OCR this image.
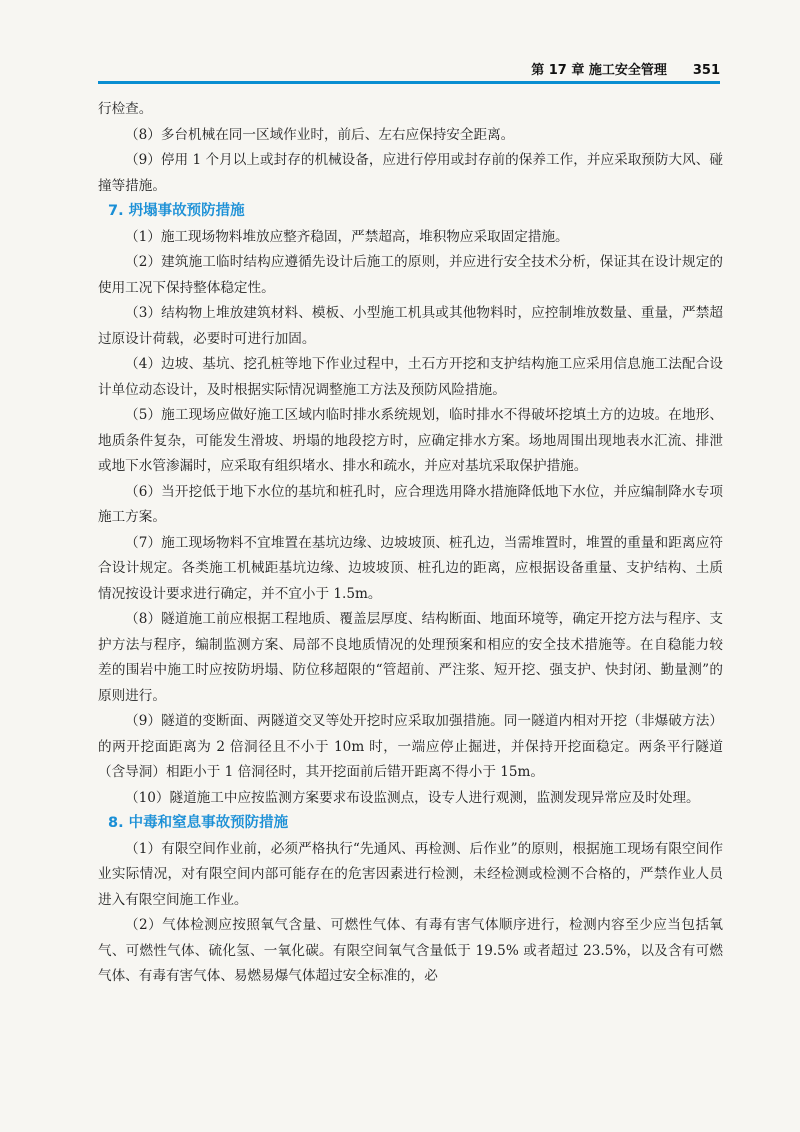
第 17 章 施工安全管理 351

行检查。

（8）多台机械在同一区域作业时，前后、左右应保持安全距离。

（9）停用 1 个月以上或封存的机械设备，应进行停用或封存前的保养工作，并应采取预防大风、碰撞等措施。

7. 坍塌事故预防措施

（1）施工现场物料堆放应整齐稳固，严禁超高，堆积物应采取固定措施。

（2）建筑施工临时结构应遵循先设计后施工的原则，并应进行安全技术分析，保证其在设计规定的使用工况下保持整体稳定性。

（3）结构物上堆放建筑材料、模板、小型施工机具或其他物料时，应控制堆放数量、重量，严禁超过原设计荷载，必要时可进行加固。

（4）边坡、基坑、挖孔桩等地下作业过程中，土石方开挖和支护结构施工应采用信息施工法配合设计单位动态设计，及时根据实际情况调整施工方法及预防风险措施。

（5）施工现场应做好施工区域内临时排水系统规划，临时排水不得破坏挖填土方的边坡。在地形、地质条件复杂，可能发生滑坡、坍塌的地段挖方时，应确定排水方案。场地周围出现地表水汇流、排泄或地下水管渗漏时，应采取有组织堵水、排水和疏水，并应对基坑采取保护措施。

（6）当开挖低于地下水位的基坑和桩孔时，应合理选用降水措施降低地下水位，并应编制降水专项施工方案。

（7）施工现场物料不宜堆置在基坑边缘、边坡坡顶、桩孔边，当需堆置时，堆置的重量和距离应符合设计规定。各类施工机械距基坑边缘、边坡坡顶、桩孔边的距离，应根据设备重量、支护结构、土质情况按设计要求进行确定，并不宜小于 1.5m。

（8）隧道施工前应根据工程地质、覆盖层厚度、结构断面、地面环境等，确定开挖方法与程序、支护方法与程序，编制监测方案、局部不良地质情况的处理预案和相应的安全技术措施等。在自稳能力较差的围岩中施工时应按防坍塌、防位移超限的“管超前、严注浆、短开挖、强支护、快封闭、勤量测”的原则进行。

（9）隧道的变断面、两隧道交叉等处开挖时应采取加强措施。同一隧道内相对开挖（非爆破方法）的两开挖面距离为 2 倍洞径且不小于 10m 时，一端应停止掘进，并保持开挖面稳定。两条平行隧道（含导洞）相距小于 1 倍洞径时，其开挖面前后错开距离不得小于 15m。

（10）隧道施工中应按监测方案要求布设监测点，设专人进行观测，监测发现异常应及时处理。

8. 中毒和窒息事故预防措施

（1）有限空间作业前，必须严格执行“先通风、再检测、后作业”的原则，根据施工现场有限空间作业实际情况，对有限空间内部可能存在的危害因素进行检测，未经检测或检测不合格的，严禁作业人员进入有限空间施工作业。

（2）气体检测应按照氧气含量、可燃性气体、有毒有害气体顺序进行，检测内容至少应当包括氧气、可燃性气体、硫化氢、一氧化碳。有限空间氧气含量低于 19.5% 或者超过 23.5%，以及含有可燃气体、有毒有害气体、易燃易爆气体超过安全标准的，必
